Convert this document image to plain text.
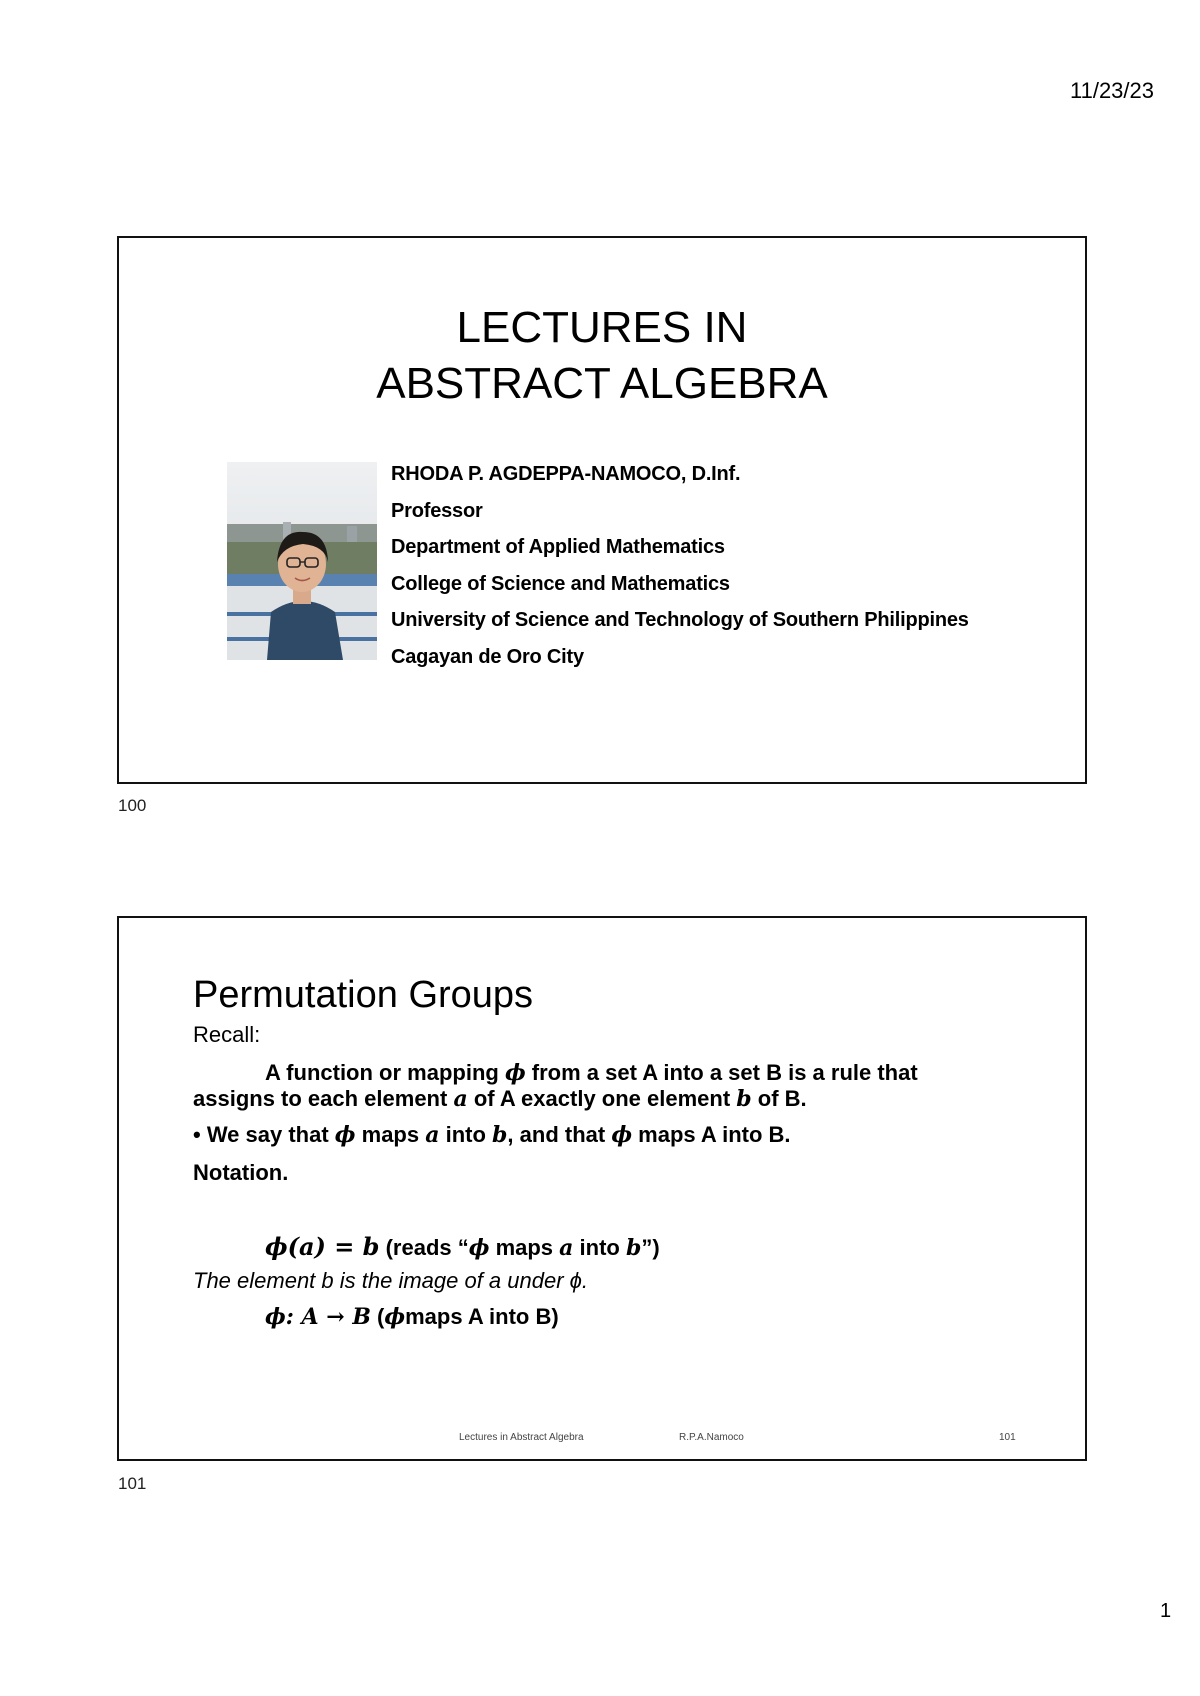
11/23/23
LECTURES IN
ABSTRACT ALGEBRA
RHODA P. AGDEPPA-NAMOCO, D.Inf.
Professor
Department of Applied Mathematics
College of Science and Mathematics
University of Science and Technology of Southern Philippines
Cagayan de Oro City
100
Permutation Groups
Recall:
A function or mapping ϕ from a set A into a set B is a rule that
assigns to each element a of A exactly one element b of B.
• We say that ϕ maps a into b, and that ϕ maps A into B.
Notation.
ϕ(a) = b (reads “ϕ maps a into b”)
The element b is the image of a under ϕ.
ϕ: A → B (ϕmaps A into B)
Lectures in Abstract Algebra	R.P.A.Namoco	101
101
1
